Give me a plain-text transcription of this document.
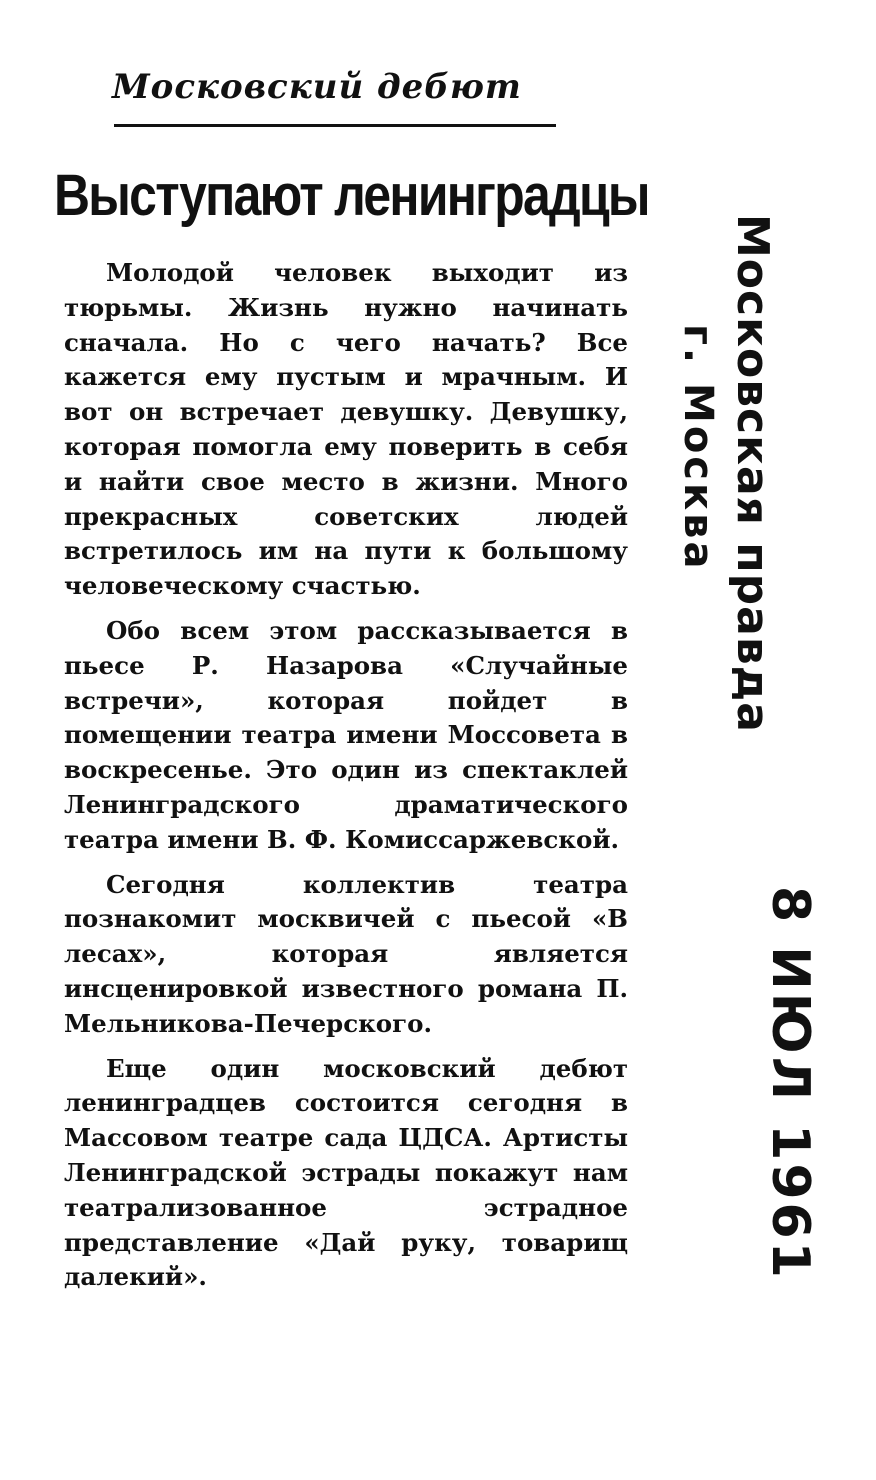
Московский дебют
Выступают ленинградцы

Молодой человек выходит из тюрьмы. Жизнь нужно начинать сначала. Но с чего начать? Все кажется ему пустым и мрачным. И вот он встречает девушку. Девушку, которая помогла ему поверить в себя и найти свое место в жизни. Много прекрасных советских людей встретилось им на пути к большому человеческому счастью.

Обо всем этом рассказывается в пьесе Р. Назарова «Случайные встречи», которая пойдет в помещении театра имени Моссовета в воскресенье. Это один из спектаклей Ленинградского драматического театра имени В. Ф. Комиссаржевской.

Сегодня коллектив театра познакомит москвичей с пьесой «В лесах», которая является инсценировкой известного романа П. Мельникова-Печерского.

Еще один московский дебют ленинградцев состоится сегодня в Массовом театре сада ЦДСА. Артисты Ленинградской эстрады покажут нам театрализованное эстрадное представление «Дай руку, товарищ далекий».

Московская правда
г. Москва
8 ИЮЛ 1961
